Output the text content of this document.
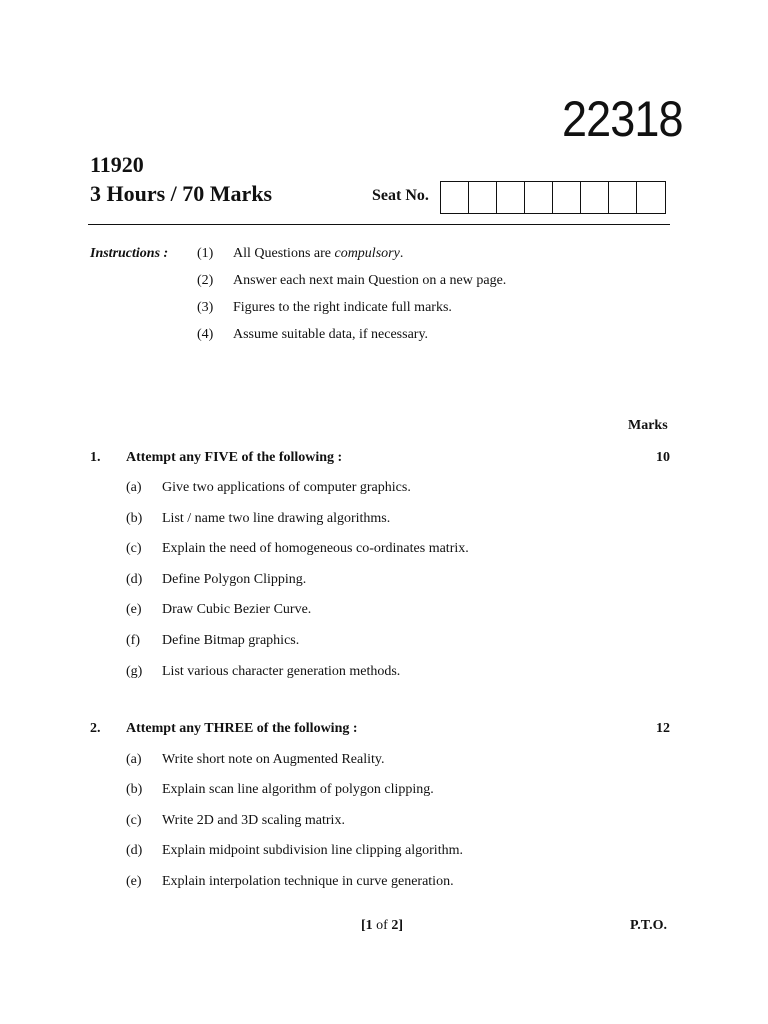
22318
11920
3 Hours / 70 Marks	Seat No.
Instructions : (1) All Questions are compulsory.
(2) Answer each next main Question on a new page.
(3) Figures to the right indicate full marks.
(4) Assume suitable data, if necessary.
Marks
1. Attempt any FIVE of the following :	10
(a) Give two applications of computer graphics.
(b) List / name two line drawing algorithms.
(c) Explain the need of homogeneous co-ordinates matrix.
(d) Define Polygon Clipping.
(e) Draw Cubic Bezier Curve.
(f) Define Bitmap graphics.
(g) List various character generation methods.
2. Attempt any THREE of the following :	12
(a) Write short note on Augmented Reality.
(b) Explain scan line algorithm of polygon clipping.
(c) Write 2D and 3D scaling matrix.
(d) Explain midpoint subdivision line clipping algorithm.
(e) Explain interpolation technique in curve generation.
[1 of 2]	P.T.O.
